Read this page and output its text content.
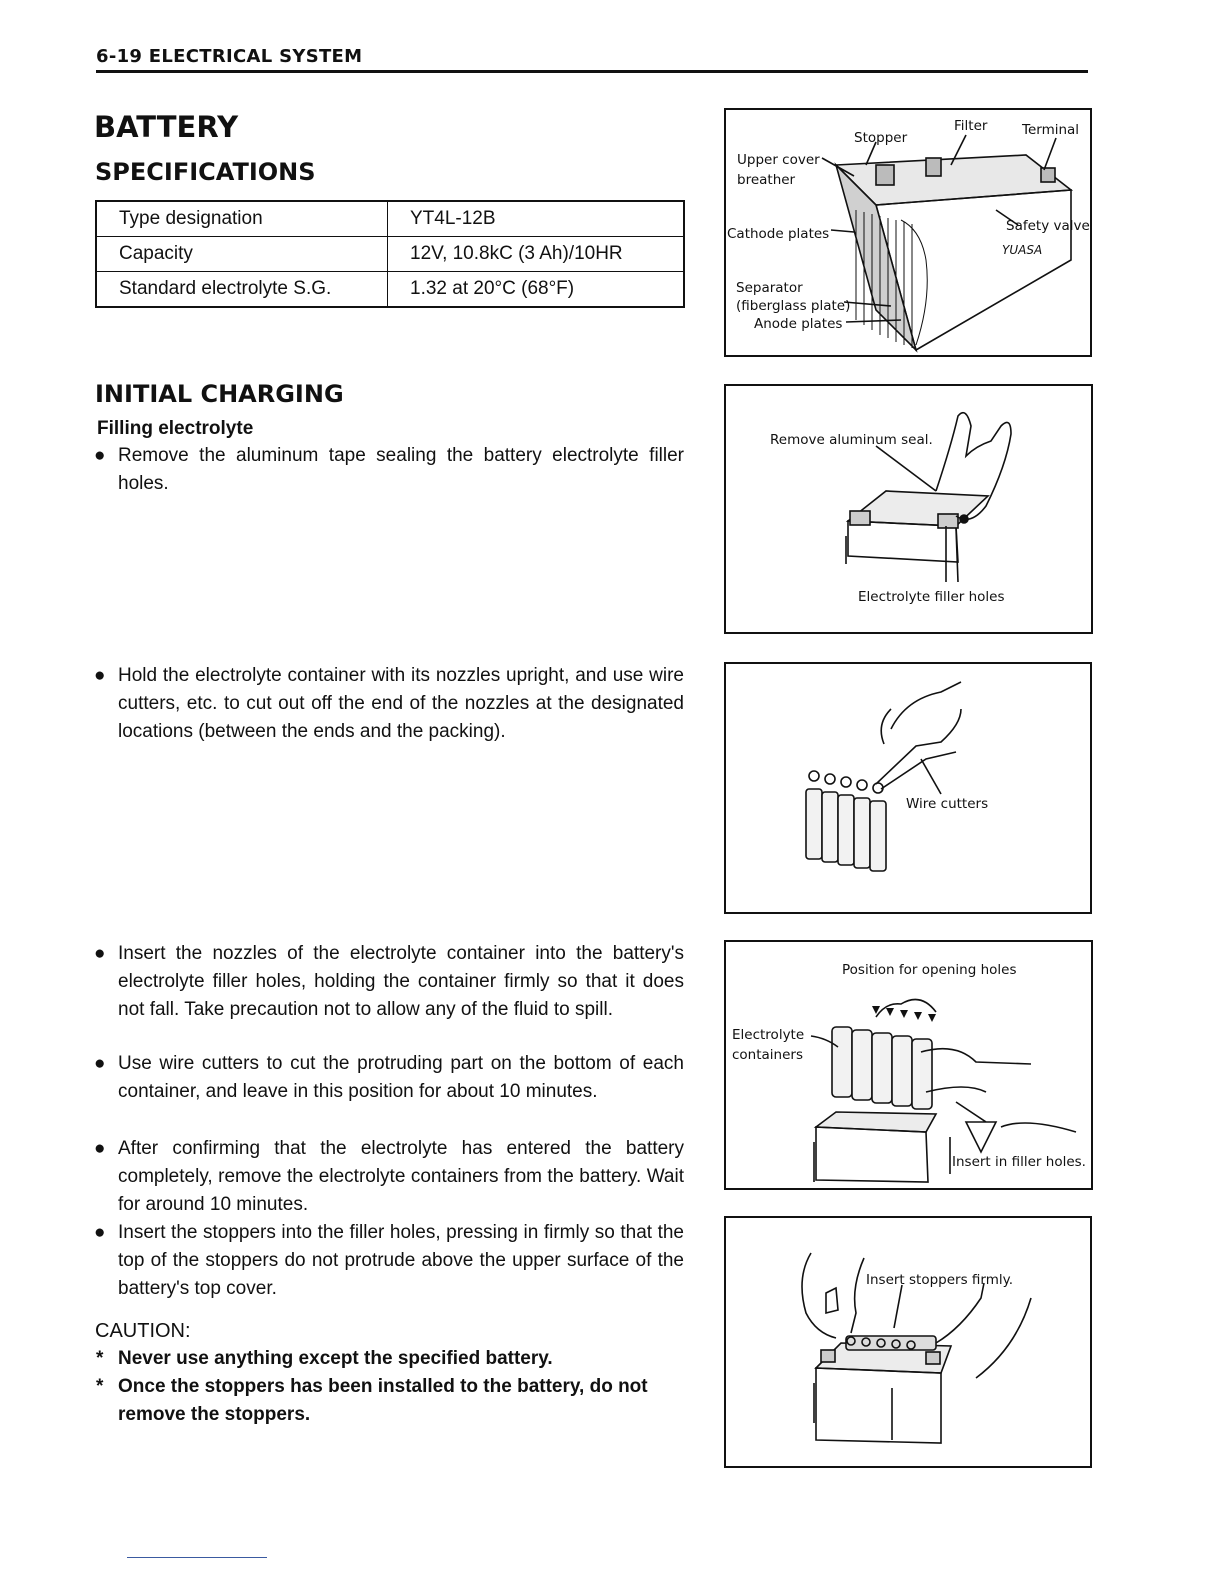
6-19 ELECTRICAL SYSTEM
BATTERY
SPECIFICATIONS
Type designation	YT4L-12B
Capacity	12V, 10.8kC (3 Ah)/10HR
Standard electrolyte S.G.	1.32 at 20°C (68°F)
INITIAL CHARGING
Filling electrolyte
● Remove the aluminum tape sealing the battery electrolyte filler holes.
● Hold the electrolyte container with its nozzles upright, and use wire cutters, etc. to cut out off the end of the nozzles at the designated locations (between the ends and the packing).
● Insert the nozzles of the electrolyte container into the battery's electrolyte filler holes, holding the container firmly so that it does not fall. Take precaution not to allow any of the fluid to spill.
● Use wire cutters to cut the protruding part on the bottom of each container, and leave in this position for about 10 minutes.
● After confirming that the electrolyte has entered the battery completely, remove the electrolyte containers from the battery. Wait for around 10 minutes.
● Insert the stoppers into the filler holes, pressing in firmly so that the top of the stoppers do not protrude above the upper surface of the battery's top cover.
CAUTION:
* Never use anything except the specified battery.
* Once the stoppers has been installed to the battery, do not remove the stoppers.
Stopper
Filter	Terminal
Upper cover
breather
Safety valve
YUASA
Cathode plates
Separator
(fiberglass plate)
Anode plates
Remove aluminum seal.
Electrolyte filler holes
Wire cutters
Position for opening holes
Electrolyte
containers
Insert in filler holes.
Insert stoppers firmly.
